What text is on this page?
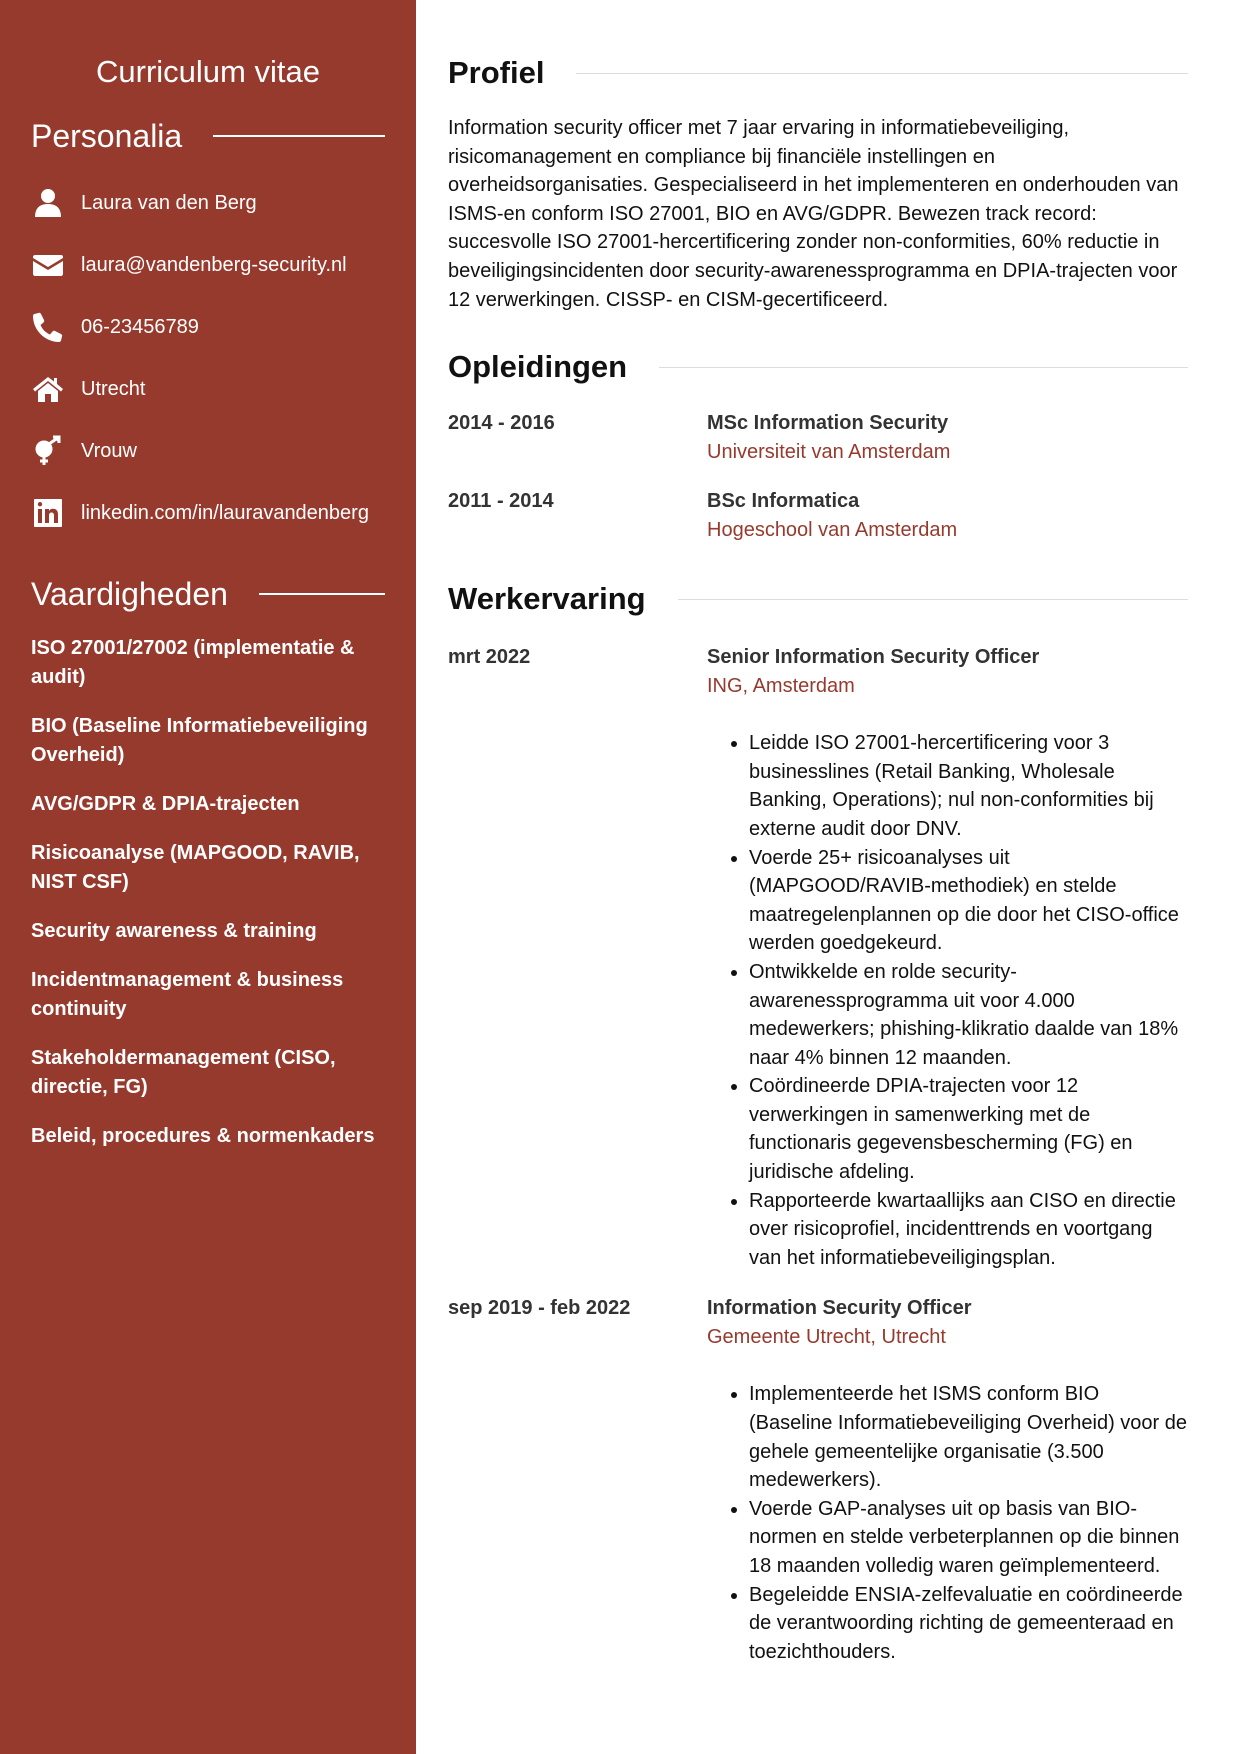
Curriculum vitae
Personalia
Laura van den Berg
laura@vandenberg-security.nl
06-23456789
Utrecht
Vrouw
linkedin.com/in/lauravandenberg
Vaardigheden
ISO 27001/27002 (implementatie & audit)
BIO (Baseline Informatiebeveiliging Overheid)
AVG/GDPR & DPIA-trajecten
Risicoanalyse (MAPGOOD, RAVIB, NIST CSF)
Security awareness & training
Incidentmanagement & business continuity
Stakeholdermanagement (CISO, directie, FG)
Beleid, procedures & normenkaders
Profiel

Information security officer met 7 jaar ervaring in informatiebeveiliging, risicomanagement en compliance bij financiële instellingen en overheidsorganisaties. Gespecialiseerd in het implementeren en onderhouden van ISMS-en conform ISO 27001, BIO en AVG/GDPR. Bewezen track record: succesvolle ISO 27001-hercertificering zonder non-conformities, 60% reductie in beveiligingsincidenten door security-awarenessprogramma en DPIA-trajecten voor 12 verwerkingen. CISSP- en CISM-gecertificeerd.

Opleidingen
2014 - 2016	MSc Information Security
Universiteit van Amsterdam
2011 - 2014	BSc Informatica
Hogeschool van Amsterdam
Werkervaring
mrt 2022	Senior Information Security Officer
ING, Amsterdam
• Leidde ISO 27001-hercertificering voor 3 businesslines (Retail Banking, Wholesale Banking, Operations); nul non-conformities bij externe audit door DNV.
• Voerde 25+ risicoanalyses uit (MAPGOOD/RAVIB-methodiek) en stelde maatregelenplannen op die door het CISO-office werden goedgekeurd.
• Ontwikkelde en rolde security-awarenessprogramma uit voor 4.000 medewerkers; phishing-klikratio daalde van 18% naar 4% binnen 12 maanden.
• Coördineerde DPIA-trajecten voor 12 verwerkingen in samenwerking met de functionaris gegevensbescherming (FG) en juridische afdeling.
• Rapporteerde kwartaallijks aan CISO en directie over risicoprofiel, incidenttrends en voortgang van het informatiebeveiligingsplan.
sep 2019 - feb 2022	Information Security Officer
Gemeente Utrecht, Utrecht
• Implementeerde het ISMS conform BIO (Baseline Informatiebeveiliging Overheid) voor de gehele gemeentelijke organisatie (3.500 medewerkers).
• Voerde GAP-analyses uit op basis van BIO-normen en stelde verbeterplannen op die binnen 18 maanden volledig waren geïmplementeerd.
• Begeleidde ENSIA-zelfevaluatie en coördineerde de verantwoording richting de gemeenteraad en toezichthouders.
